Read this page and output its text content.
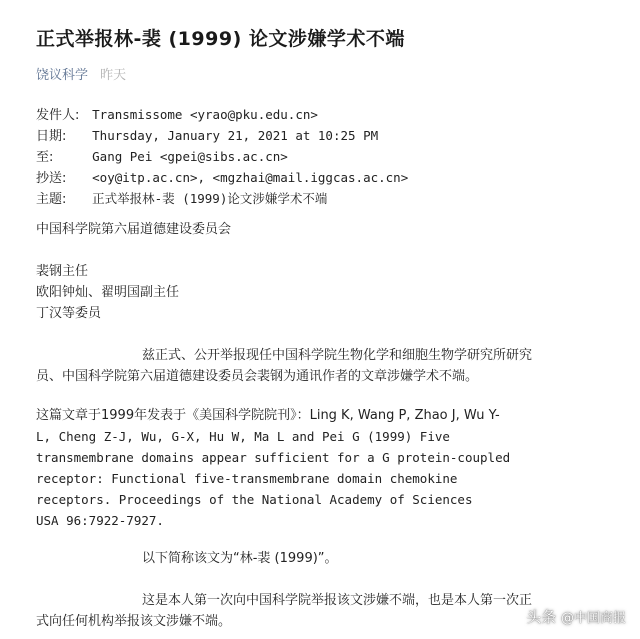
正式举报林-裴 (1999) 论文涉嫌学术不端
饶议科学 昨天
发件人: Transmissome <yrao@pku.edu.cn>
日期: Thursday, January 21, 2021 at 10:25 PM
至:	Gang Pei <gpei@sibs.ac.cn>
抄送: <oy@itp.ac.cn>, <mgzhai@mail.iggcas.ac.cn>
主题: 正式举报林-裴 (1999)论文涉嫌学术不端
中国科学院第六届道德建设委员会
裴钢主任
欧阳钟灿、翟明国副主任
丁汉等委员
兹正式、公开举报现任中国科学院生物化学和细胞生物学研究所研究
员、中国科学院第六届道德建设委员会裴钢为通讯作者的文章涉嫌学术不端。
这篇文章于1999年发表于《美国科学院院刊》：Ling K, Wang P, Zhao J, Wu Y-
L, Cheng Z-J, Wu, G-X, Hu W, Ma L and Pei G (1999) Five
transmembrane domains appear sufficient for a G protein-coupled
receptor: Functional five-transmembrane domain chemokine
receptors. Proceedings of the National Academy of Sciences
USA 96:7922-7927.
以下简称该文为“林-裴 (1999)”。
这是本人第一次向中国科学院举报该文涉嫌不端，也是本人第一次正
式向任何机构举报该文涉嫌不端。	头条 @中国商报
